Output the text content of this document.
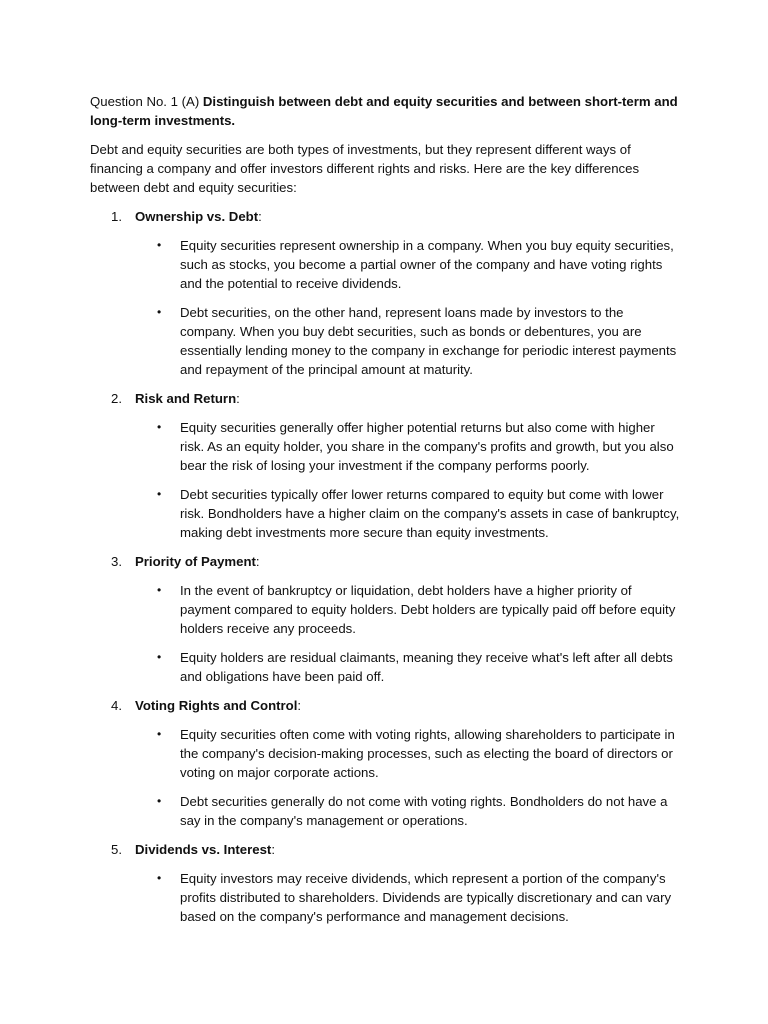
Question No. 1 (A) Distinguish between debt and equity securities and between short-term and long-term investments.

Debt and equity securities are both types of investments, but they represent different ways of financing a company and offer investors different rights and risks. Here are the key differences between debt and equity securities:

1. Ownership vs. Debt:
• Equity securities represent ownership in a company. When you buy equity securities, such as stocks, you become a partial owner of the company and have voting rights and the potential to receive dividends.
• Debt securities, on the other hand, represent loans made by investors to the company. When you buy debt securities, such as bonds or debentures, you are essentially lending money to the company in exchange for periodic interest payments and repayment of the principal amount at maturity.
2. Risk and Return:
• Equity securities generally offer higher potential returns but also come with higher risk. As an equity holder, you share in the company's profits and growth, but you also bear the risk of losing your investment if the company performs poorly.
• Debt securities typically offer lower returns compared to equity but come with lower risk. Bondholders have a higher claim on the company's assets in case of bankruptcy, making debt investments more secure than equity investments.
3. Priority of Payment:
• In the event of bankruptcy or liquidation, debt holders have a higher priority of payment compared to equity holders. Debt holders are typically paid off before equity holders receive any proceeds.
• Equity holders are residual claimants, meaning they receive what's left after all debts and obligations have been paid off.
4. Voting Rights and Control:
• Equity securities often come with voting rights, allowing shareholders to participate in the company's decision-making processes, such as electing the board of directors or voting on major corporate actions.
• Debt securities generally do not come with voting rights. Bondholders do not have a say in the company's management or operations.
5. Dividends vs. Interest:
• Equity investors may receive dividends, which represent a portion of the company's profits distributed to shareholders. Dividends are typically discretionary and can vary based on the company's performance and management decisions.
